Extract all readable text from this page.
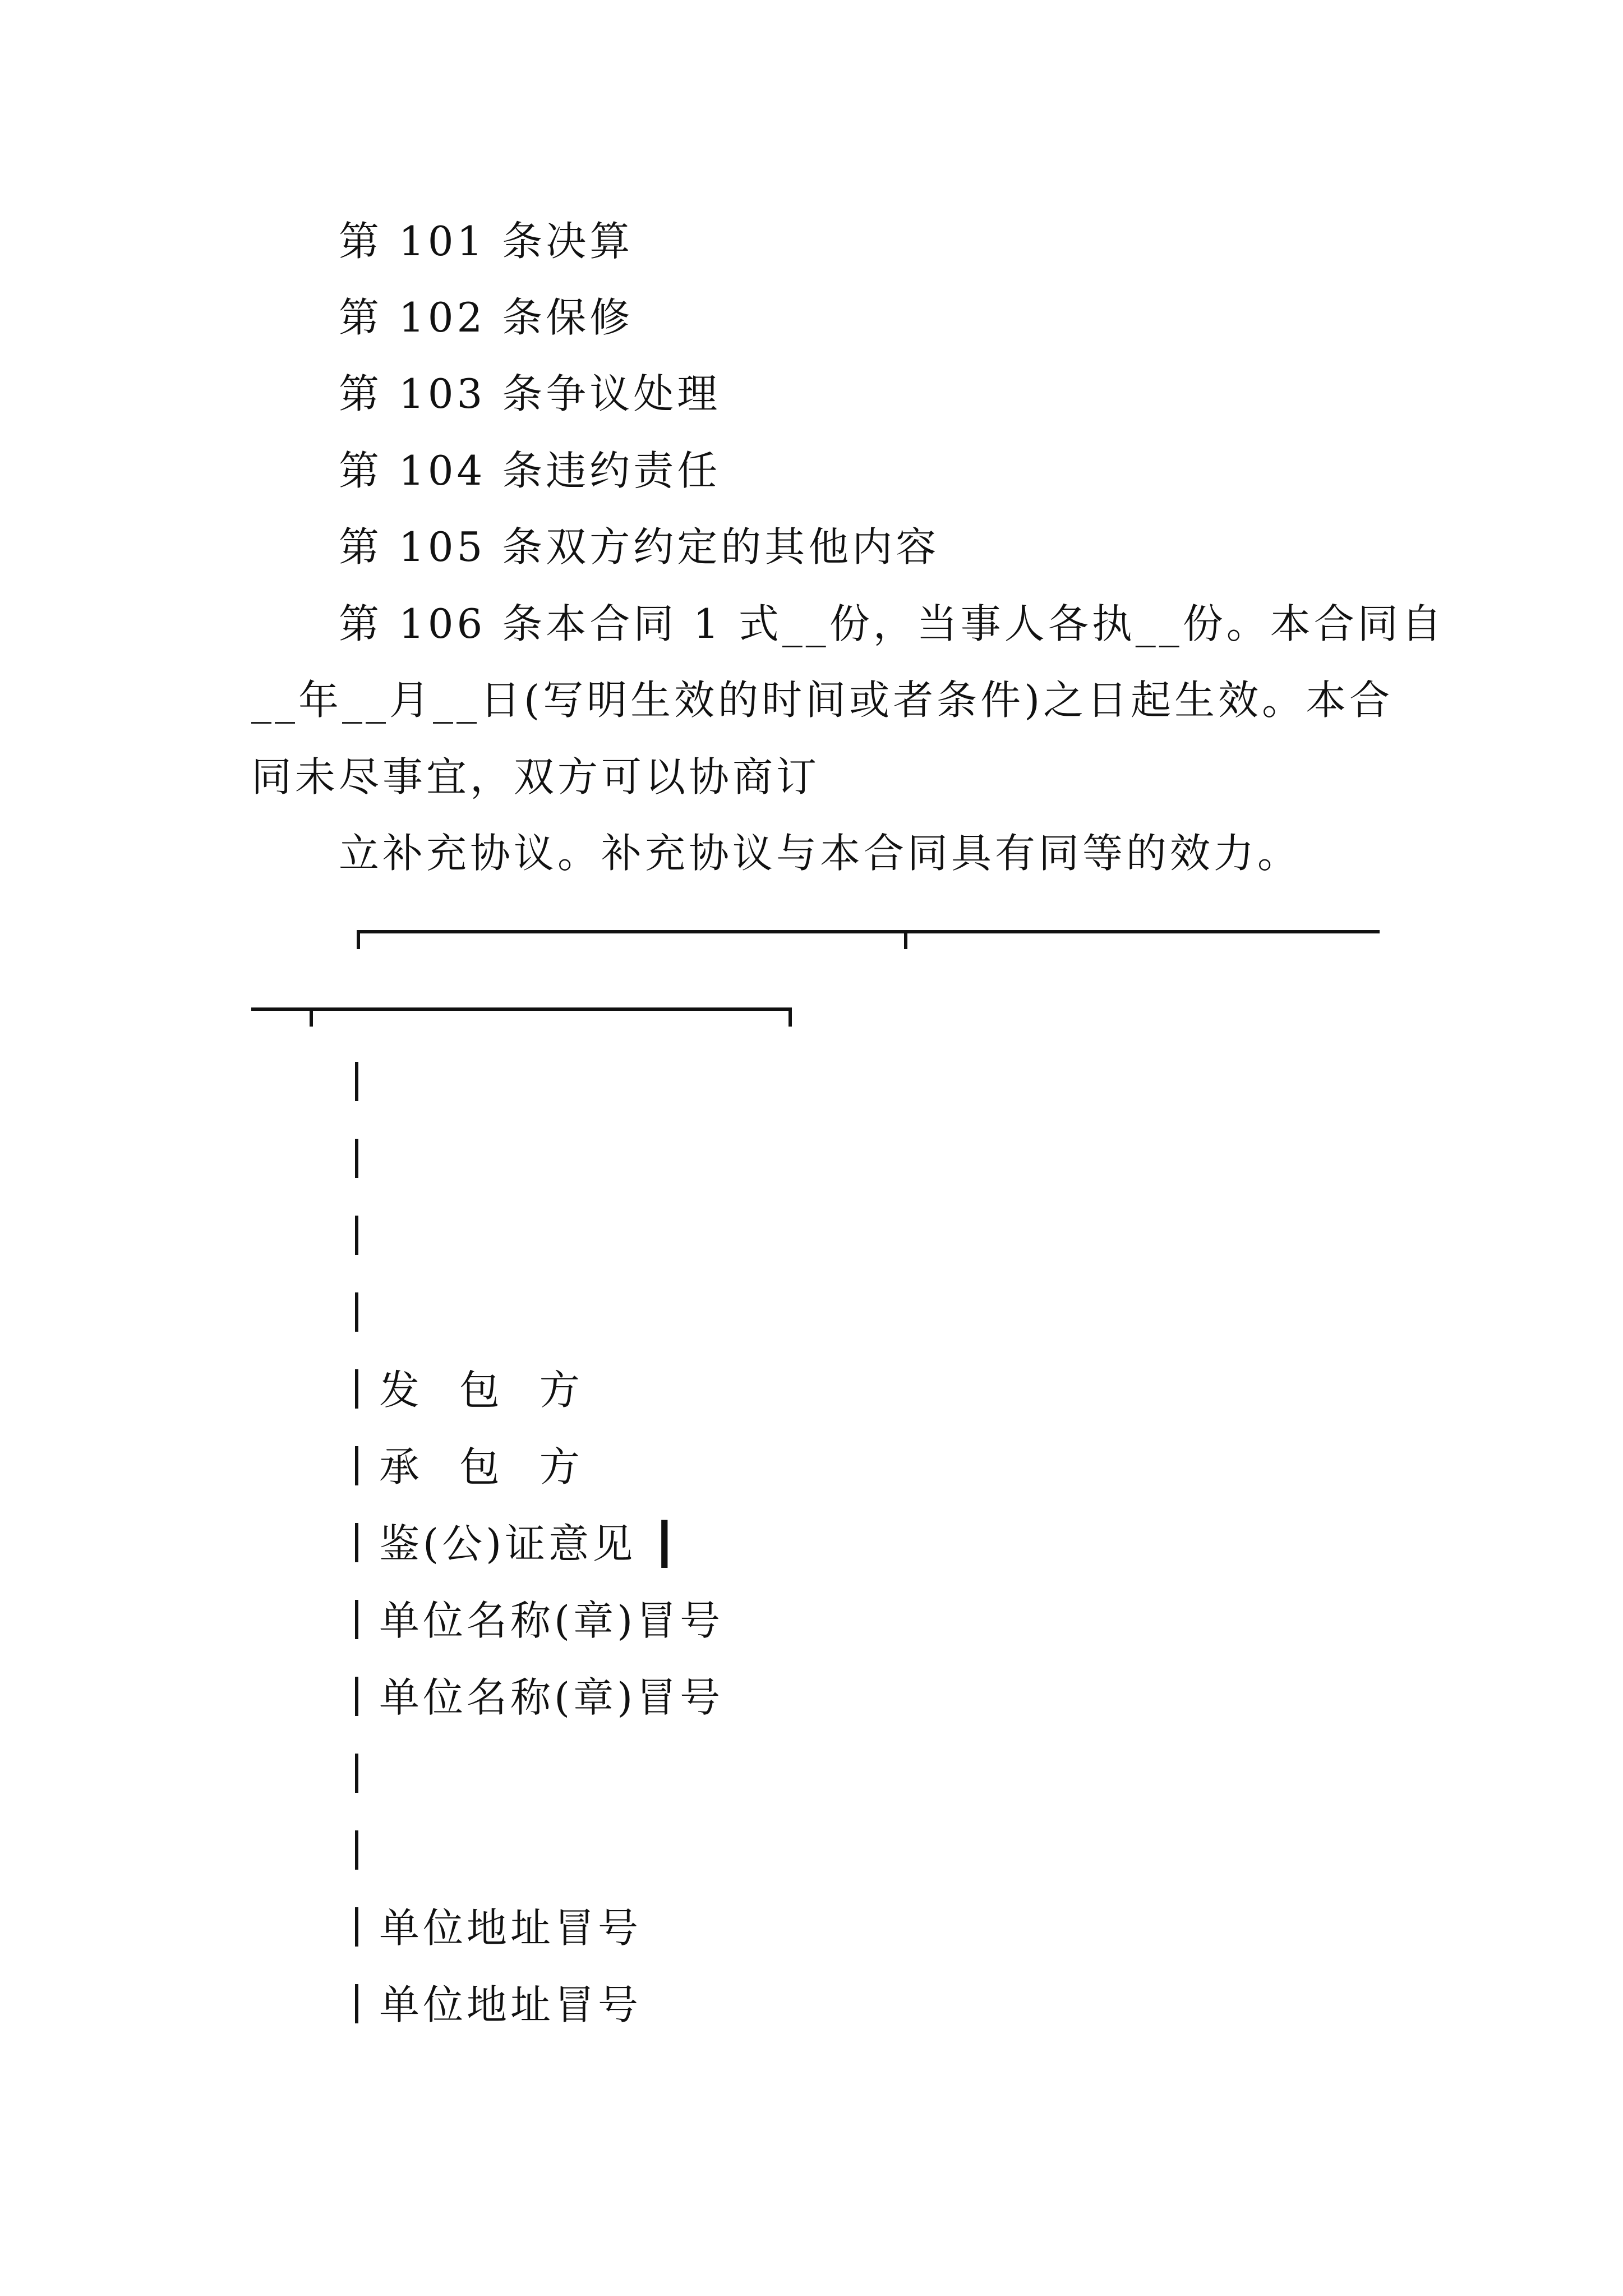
第 101 条决算
第 102 条保修
第 103 条争议处理
第 104 条违约责任
第 105 条双方约定的其他内容
第 106 条本合同 1 式__份，当事人各执__份。本合同自
__年__月__日(写明生效的时间或者条件)之日起生效。本合
同未尽事宜，双方可以协商订
立补充协议。补充协议与本合同具有同等的效力。
发 包 方
承 包 方
鉴(公)证意见 ┃
单位名称(章)冒号
单位名称(章)冒号
单位地址冒号
单位地址冒号
